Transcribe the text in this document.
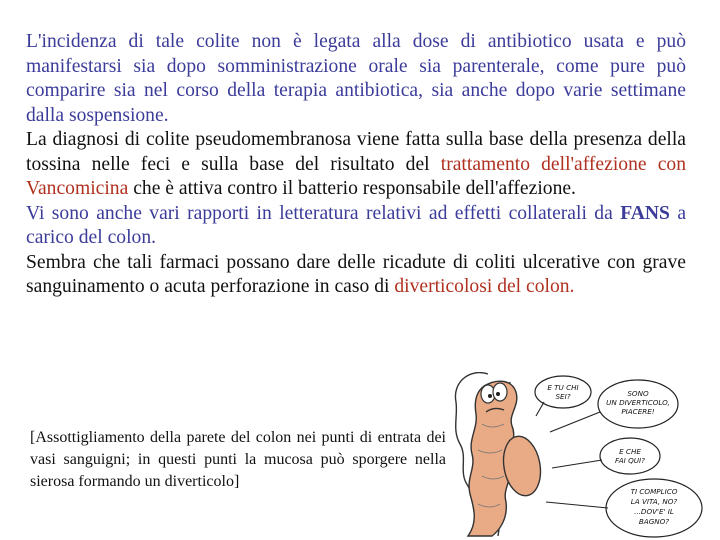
L'incidenza di tale colite non è legata alla dose di antibiotico usata e può manifestarsi sia dopo somministrazione orale sia parenterale, come pure può comparire sia nel corso della terapia antibiotica, sia anche dopo varie settimane dalla sospensione.

La diagnosi di colite pseudomembranosa viene fatta sulla base della presenza della tossina nelle feci e sulla base del risultato del trattamento dell'affezione con Vancomicina che è attiva contro il batterio responsabile dell'affezione.

Vi sono anche vari rapporti in letteratura relativi ad effetti collaterali da FANS a carico del colon.

Sembra che tali farmaci possano dare delle ricadute di coliti ulcerative con grave sanguinamento o acuta perforazione in caso di diverticolosi del colon.

[Assottigliamento della parete del colon nei punti di entrata dei vasi sanguigni; in questi punti la mucosa può sporgere nella sierosa formando un diverticolo]
E TU CHI
SEI?	SONO
UN DIVERTICOLO,
PIACERE!
E CHE
FAI QUI?
TI COMPLICO
LA VITA, NO?
...DOV'E' IL
BAGNO?
